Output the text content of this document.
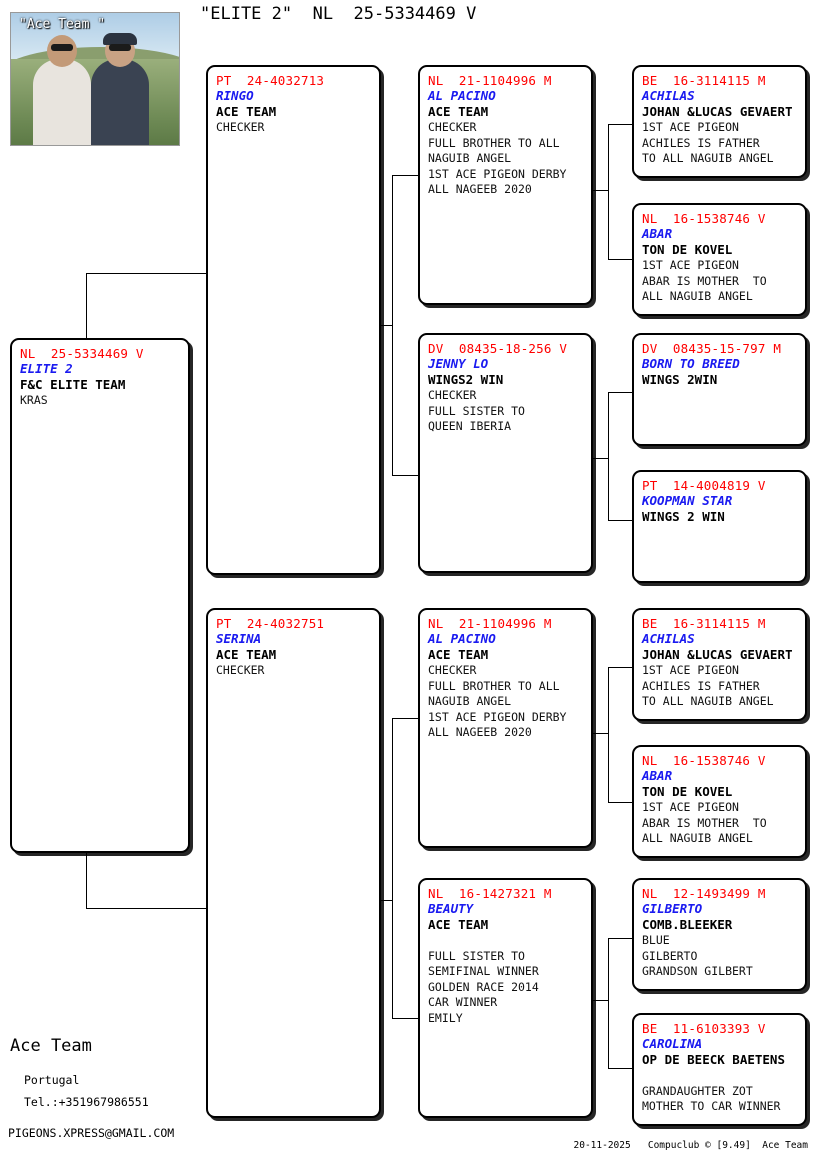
"ELITE 2"  NL  25-5334469 V
"Ace Team "
NL  25-5334469 V
ELITE 2
F&C ELITE TEAM
KRAS
PT  24-4032713
RINGO
ACE TEAM
CHECKER
PT  24-4032751
SERINA
ACE TEAM
CHECKER
NL  21-1104996 M
AL PACINO
ACE TEAM
CHECKER
FULL BROTHER TO ALL
NAGUIB ANGEL
1ST ACE PIGEON DERBY
ALL NAGEEB 2020
DV  08435-18-256 V
JENNY LO
WINGS2 WIN
CHECKER
FULL SISTER TO
QUEEN IBERIA
NL  21-1104996 M
AL PACINO
ACE TEAM
CHECKER
FULL BROTHER TO ALL
NAGUIB ANGEL
1ST ACE PIGEON DERBY
ALL NAGEEB 2020
NL  16-1427321 M
BEAUTY
ACE TEAM
FULL SISTER TO
SEMIFINAL WINNER
GOLDEN RACE 2014
CAR WINNER
EMILY
BE  16-3114115 M
ACHILAS
JOHAN &LUCAS GEVAERT
1ST ACE PIGEON
ACHILES IS FATHER
TO ALL NAGUIB ANGEL
NL  16-1538746 V
ABAR
TON DE KOVEL
1ST ACE PIGEON
ABAR IS MOTHER  TO
ALL NAGUIB ANGEL
DV  08435-15-797 M
BORN TO BREED
WINGS 2WIN
PT  14-4004819 V
KOOPMAN STAR
WINGS 2 WIN
BE  16-3114115 M
ACHILAS
JOHAN &LUCAS GEVAERT
1ST ACE PIGEON
ACHILES IS FATHER
TO ALL NAGUIB ANGEL
NL  16-1538746 V
ABAR
TON DE KOVEL
1ST ACE PIGEON
ABAR IS MOTHER  TO
ALL NAGUIB ANGEL
NL  12-1493499 M
GILBERTO
COMB.BLEEKER
BLUE
GILBERTO
GRANDSON GILBERT
BE  11-6103393 V
CAROLINA
OP DE BEECK BAETENS
GRANDAUGHTER ZOT
MOTHER TO CAR WINNER
Ace Team
Portugal
Tel.:+351967986551
PIGEONS.XPRESS@GMAIL.COM
20-11-2025   Compuclub © [9.49]  Ace Team
